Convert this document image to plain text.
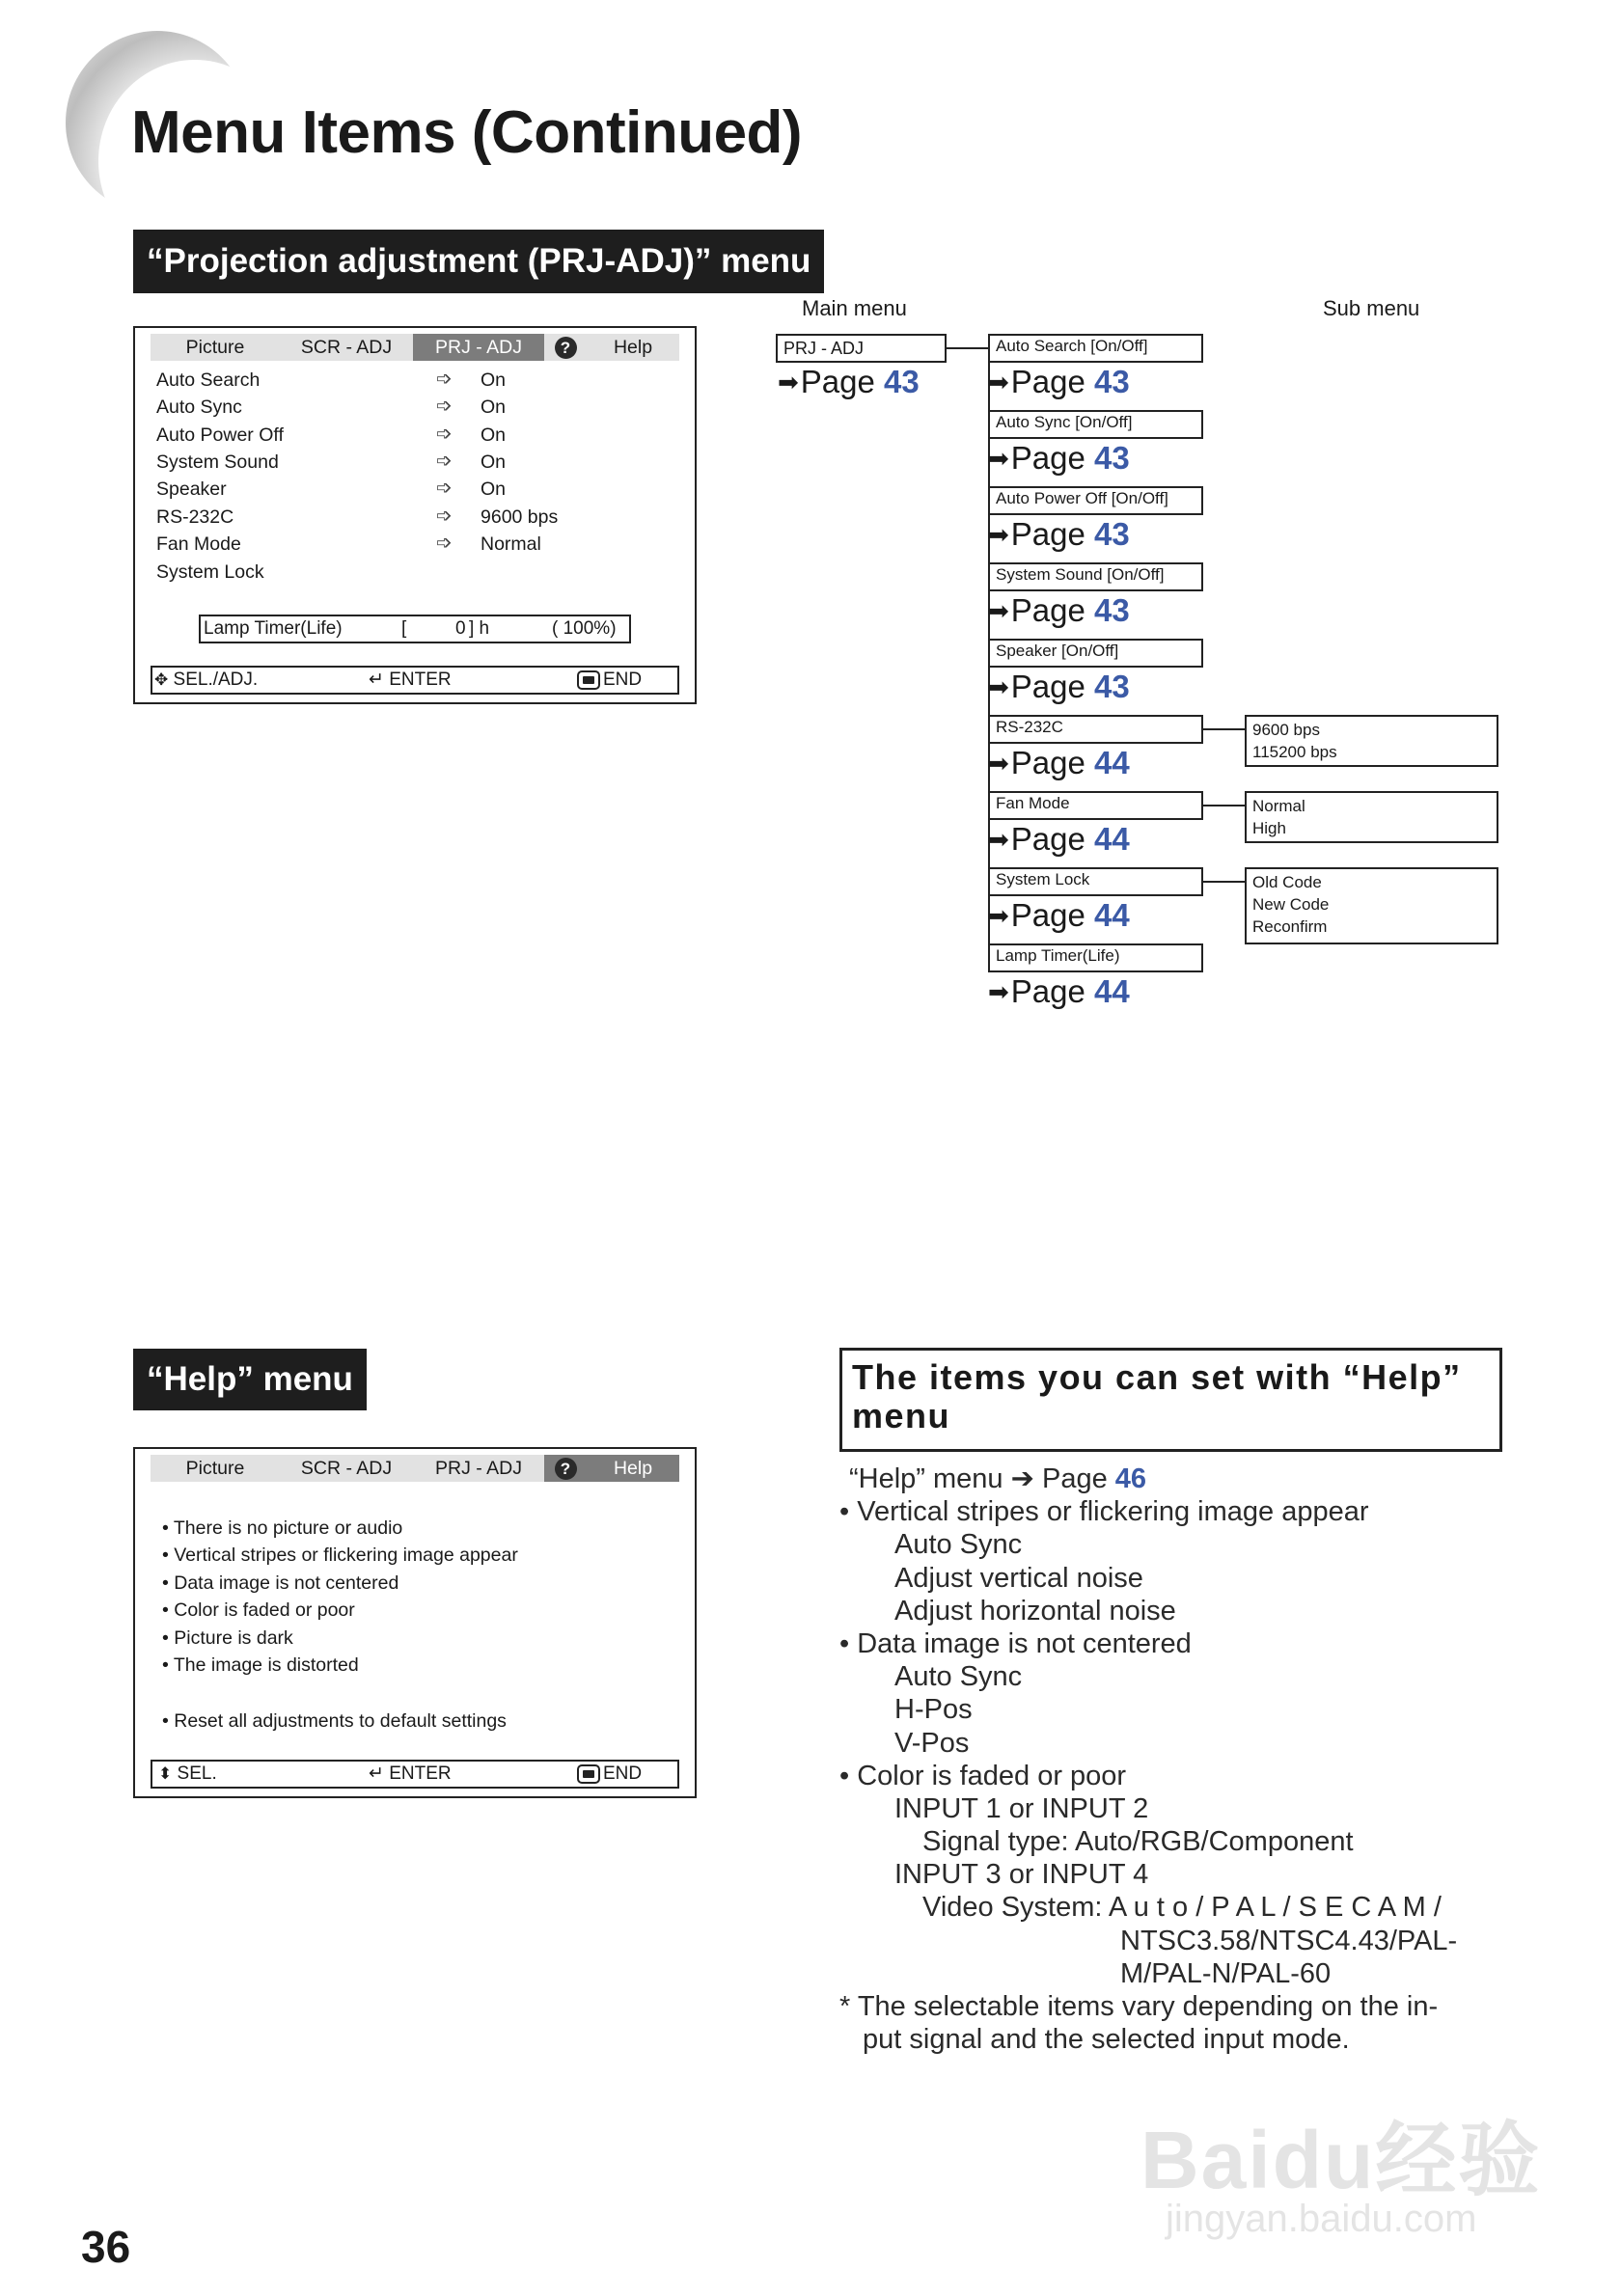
Menu Items (Continued)
“Projection adjustment (PRJ-ADJ)” menu
Picture	SCR - ADJ	PRJ - ADJ	?	Help
Auto Search	➩ On
Auto Sync	➩ On
Auto Power Off	➩ On
System Sound	➩ On
Speaker	➩ On
RS-232C	➩ 9600 bps
Fan Mode	➩ Normal
System Lock
Lamp Timer(Life)	[	0 ] h	( 100%)
✥ SEL./ADJ.	↵ ENTER	END
Main menu	Sub menu
PRJ - ADJ
➡Page 43
Auto Search [On/Off]
➡Page 43
Auto Sync [On/Off]
➡Page 43
Auto Power Off [On/Off]
➡Page 43
System Sound [On/Off]
➡Page 43
Speaker [On/Off]
➡Page 43
RS-232C
➡Page 44
Fan Mode
➡Page 44
System Lock
➡Page 44
Lamp Timer(Life)
➡Page 44
9600 bps
115200 bps
Normal
High
Old Code
New Code
Reconfirm
“Help” menu
Picture	SCR - ADJ	PRJ - ADJ	?	Help
• There is no picture or audio
• Vertical stripes or flickering image appear
• Data image is not centered
• Color is faded or poor
• Picture is dark
• The image is distorted
• Reset all adjustments to default settings
⬍ SEL.	↵ ENTER	END
The items you can set with “Help” menu
“Help” menu ➔ Page 46
• Vertical stripes or flickering image appear
Auto Sync
Adjust vertical noise
Adjust horizontal noise
• Data image is not centered
Auto Sync
H-Pos
V-Pos
• Color is faded or poor
INPUT 1 or INPUT 2
Signal type: Auto/RGB/Component
INPUT 3 or INPUT 4
Video System: A u t o / P A L / S E C A M /
NTSC3.58/NTSC4.43/PAL-
M/PAL-N/PAL-60
* The selectable items vary depending on the in-
put signal and the selected input mode.
36
Baidu经验
jingyan.baidu.com
